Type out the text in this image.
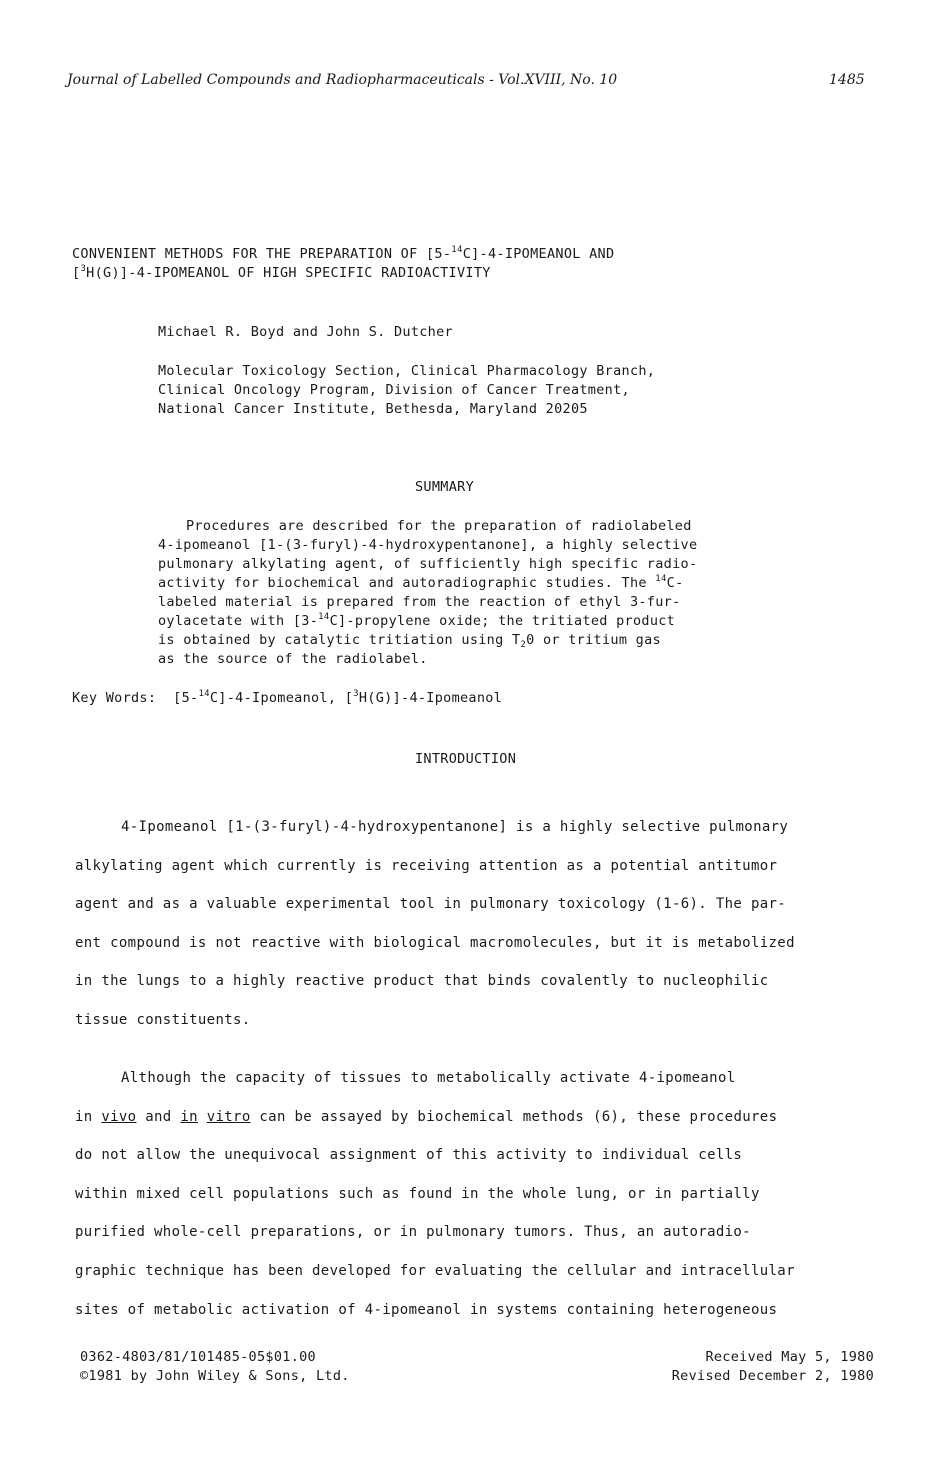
Journal of Labelled Compounds and Radiopharmaceuticals - Vol.XVIII, No. 10	1485
CONVENIENT METHODS FOR THE PREPARATION OF [5-$^{14}$C]-4-IPOMEANOL AND
[$^3$H(G)]-4-IPOMEANOL OF HIGH SPECIFIC RADIOACTIVITY
Michael R. Boyd and John S. Dutcher
Molecular Toxicology Section, Clinical Pharmacology Branch,
Clinical Oncology Program, Division of Cancer Treatment,
National Cancer Institute, Bethesda, Maryland 20205
SUMMARY
Procedures are described for the preparation of radiolabeled
4-ipomeanol [1-(3-furyl)-4-hydroxypentanone], a highly selective
pulmonary alkylating agent, of sufficiently high specific radio-
activity for biochemical and autoradiographic studies. The $^{14}$C-
labeled material is prepared from the reaction of ethyl 3-fur-
oylacetate with [3-$^{14}$C]-propylene oxide; the tritiated product
is obtained by catalytic tritiation using $T_20$ or tritium gas
as the source of the radiolabel.
Key Words: [5-$^{14}$C]-4-Ipomeanol, [$^3$H(G)]-4-Ipomeanol
INTRODUCTION
4-Ipomeanol [1-(3-furyl)-4-hydroxypentanone] is a highly selective pulmonary
alkylating agent which currently is receiving attention as a potential antitumor
agent and as a valuable experimental tool in pulmonary toxicology (1-6). The par-
ent compound is not reactive with biological macromolecules, but it is metabolized
in the lungs to a highly reactive product that binds covalently to nucleophilic
tissue constituents.
Although the capacity of tissues to metabolically activate 4-ipomeanol
in vivo and in vitro can be assayed by biochemical methods (6), these procedures
do not allow the unequivocal assignment of this activity to individual cells
within mixed cell populations such as found in the whole lung, or in partially
purified whole-cell preparations, or in pulmonary tumors. Thus, an autoradio-
graphic technique has been developed for evaluating the cellular and intracellular
sites of metabolic activation of 4-ipomeanol in systems containing heterogeneous
0362-4803/81/101485-05$01.00
©1981 by John Wiley & Sons, Ltd.
Received May 5, 1980
Revised December 2, 1980
